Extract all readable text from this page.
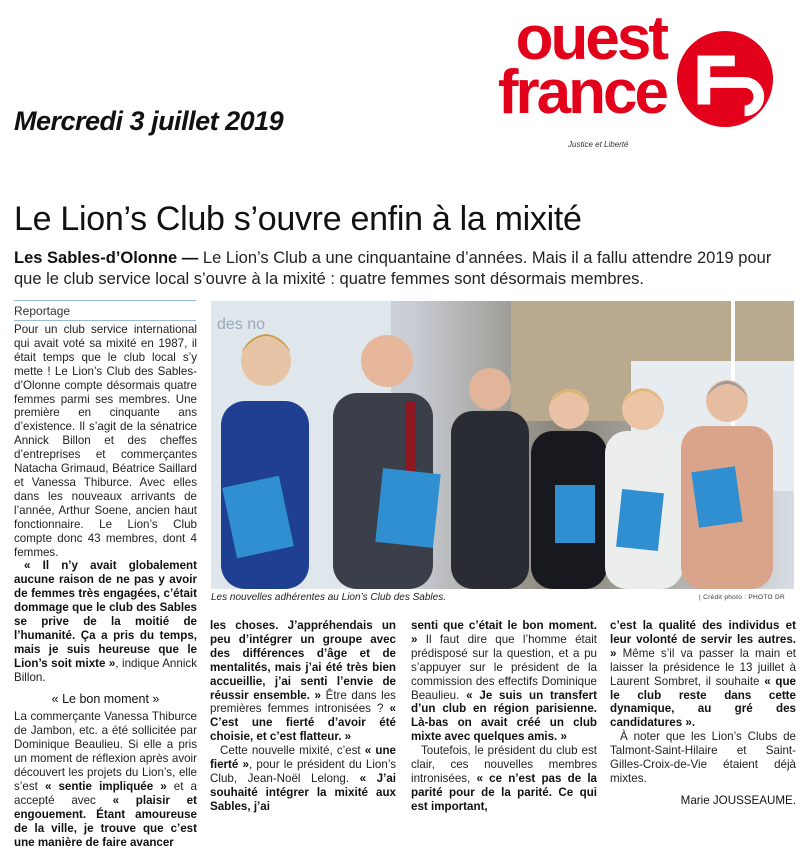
Mercredi 3 juillet 2019
ouest
france
Justice et Liberté
Le Lion’s Club s’ouvre enfin à la mixité
Les Sables-d’Olonne — Le Lion’s Club a une cinquantaine d’années. Mais il a fallu attendre 2019 pour que le club service local s’ouvre à la mixité : quatre femmes sont désormais membres.
Reportage

Pour un club service international qui avait voté sa mixité en 1987, il était temps que le club local s’y mette ! Le Lion’s Club des Sables-d’Olonne compte désormais quatre femmes parmi ses membres. Une première en cinquante ans d’existence. Il s’agit de la sénatrice Annick Billon et des cheffes d’entreprises et commerçantes Natacha Grimaud, Béatrice Saillard et Vanessa Thiburce. Avec elles dans les nouveaux arrivants de l’année, Arthur Soene, ancien haut fonctionnaire. Le Lion’s Club compte donc 43 membres, dont 4 femmes.

« Il n’y avait globalement aucune raison de ne pas y avoir de femmes très engagées, c’était dommage que le club des Sables se prive de la moitié de l’humanité. Ça a pris du temps, mais je suis heureuse que le Lion’s soit mixte », indique Annick Billon.

« Le bon moment »

La commerçante Vanessa Thiburce de Jambon, etc. a été sollicitée par Dominique Beaulieu. Si elle a pris un moment de réflexion après avoir découvert les projets du Lion’s, elle s’est « sentie impliquée » et a accepté avec « plaisir et engouement. Étant amoureuse de la ville, je trouve que c’est une manière de faire avancer

des no
Les nouvelles adhérentes au Lion’s Club des Sables.	| Crédit photo : PHOTO DR

les choses. J’appréhendais un peu d’intégrer un groupe avec des différences d’âge et de mentalités, mais j’ai été très bien accueillie, j’ai senti l’envie de réussir ensemble. » Être dans les premières femmes intronisées ? « C’est une fierté d’avoir été choisie, et c’est flatteur. »

Cette nouvelle mixité, c’est « une fierté », pour le président du Lion’s Club, Jean-Noël Lelong. « J’ai souhaité intégrer la mixité aux Sables, j’ai

senti que c’était le bon moment. » Il faut dire que l’homme était prédisposé sur la question, et a pu s’appuyer sur le président de la commission des effectifs Dominique Beaulieu. « Je suis un transfert d’un club en région parisienne. Là-bas on avait créé un club mixte avec quelques amis. »

Toutefois, le président du club est clair, ces nouvelles membres intronisées, « ce n’est pas de la parité pour de la parité. Ce qui est important,

c’est la qualité des individus et leur volonté de servir les autres. » Même s’il va passer la main et laisser la présidence le 13 juillet à Laurent Sombret, il souhaite « que le club reste dans cette dynamique, au gré des candidatures ».

À noter que les Lion’s Clubs de Talmont-Saint-Hilaire et Saint-Gilles-Croix-de-Vie étaient déjà mixtes.

Marie JOUSSEAUME.
